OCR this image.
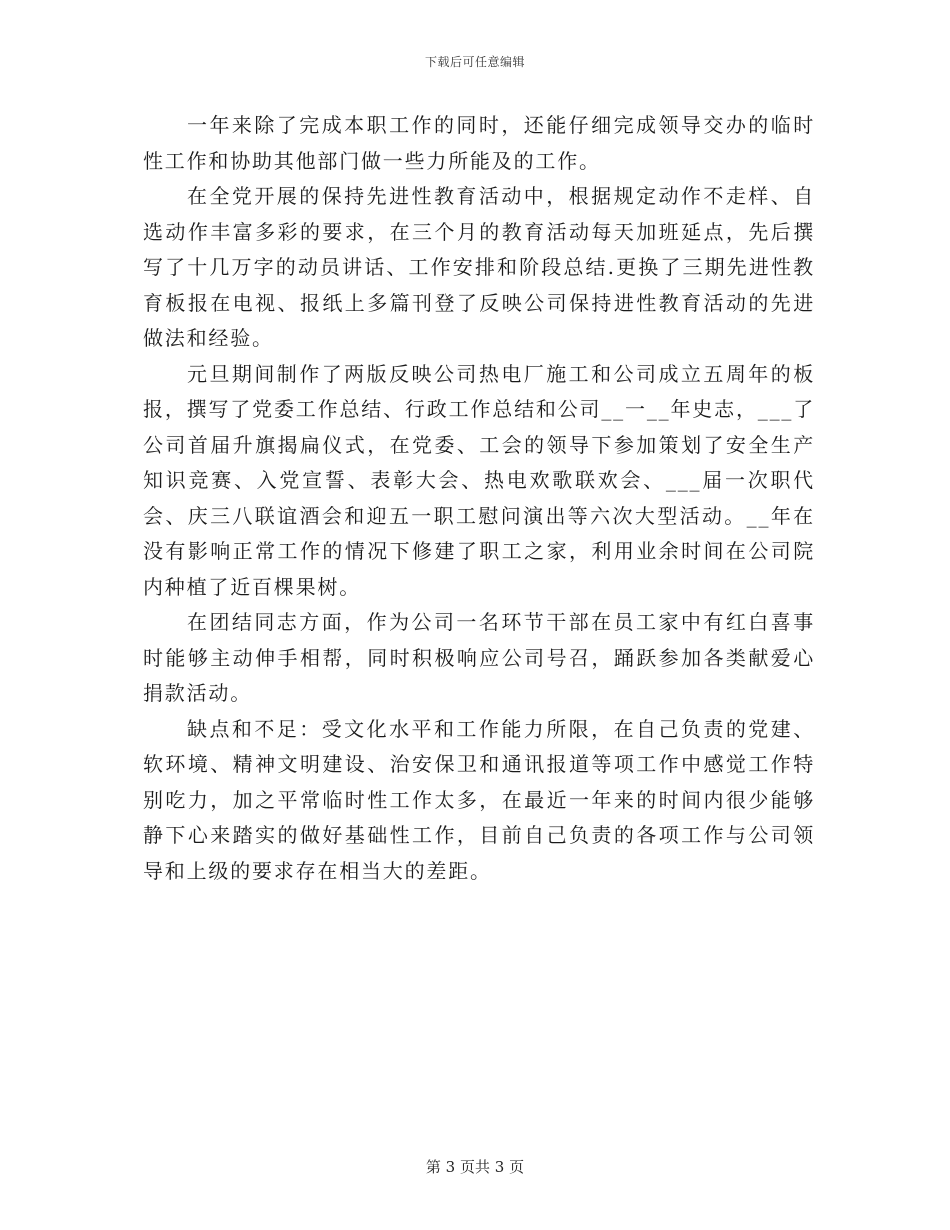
下载后可任意编辑

一年来除了完成本职工作的同时，还能仔细完成领导交办的临时性工作和协助其他部门做一些力所能及的工作。

在全党开展的保持先进性教育活动中，根据规定动作不走样、自选动作丰富多彩的要求，在三个月的教育活动每天加班延点，先后撰写了十几万字的动员讲话、工作安排和阶段总结.更换了三期先进性教育板报在电视、报纸上多篇刊登了反映公司保持进性教育活动的先进做法和经验。

元旦期间制作了两版反映公司热电厂施工和公司成立五周年的板报，撰写了党委工作总结、行政工作总结和公司__一__年史志，___了公司首届升旗揭扁仪式，在党委、工会的领导下参加策划了安全生产知识竞赛、入党宣誓、表彰大会、热电欢歌联欢会、___届一次职代会、庆三八联谊酒会和迎五一职工慰问演出等六次大型活动。__年在没有影响正常工作的情况下修建了职工之家，利用业余时间在公司院内种植了近百棵果树。

在团结同志方面，作为公司一名环节干部在员工家中有红白喜事时能够主动伸手相帮，同时积极响应公司号召，踊跃参加各类献爱心捐款活动。

缺点和不足：受文化水平和工作能力所限，在自己负责的党建、软环境、精神文明建设、治安保卫和通讯报道等项工作中感觉工作特别吃力，加之平常临时性工作太多，在最近一年来的时间内很少能够静下心来踏实的做好基础性工作，目前自己负责的各项工作与公司领导和上级的要求存在相当大的差距。

第 3 页共 3 页
